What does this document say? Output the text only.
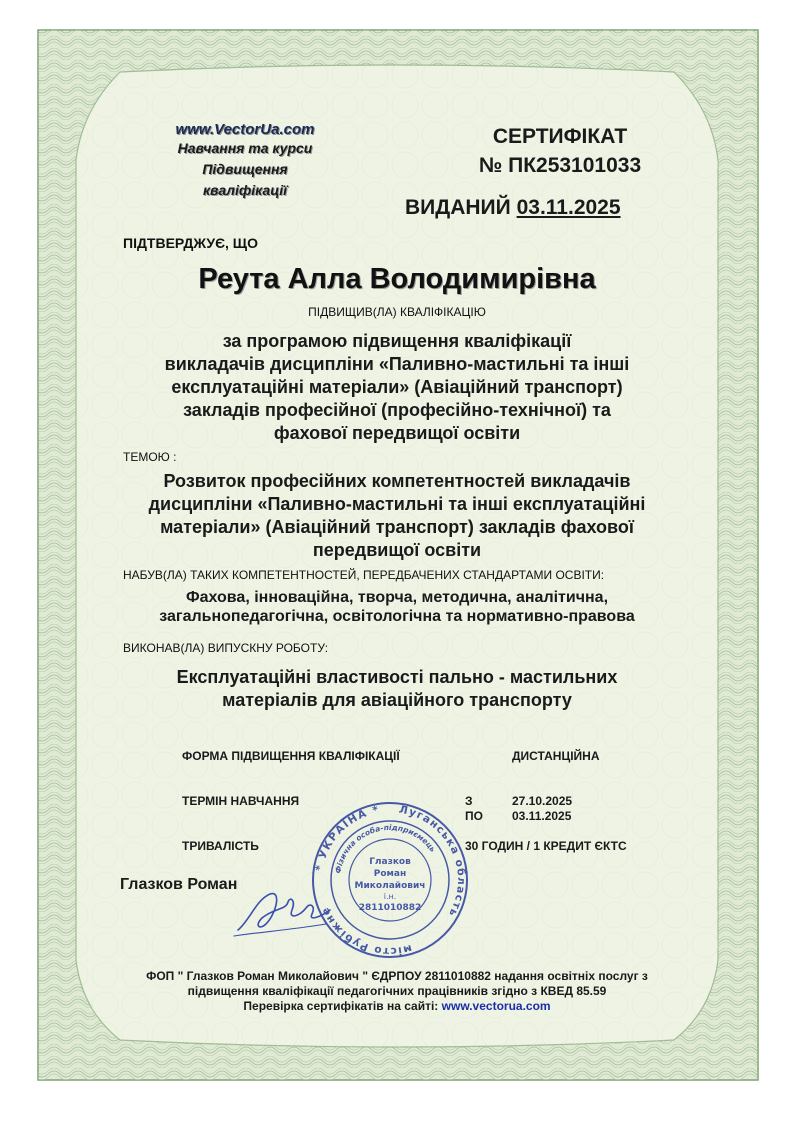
www.VectorUa.com
Навчання та курси
Підвищення
кваліфікації
СЕРТИФІКАТ
№ ПК253101033
ВИДАНИЙ 03.11.2025
ПІДТВЕРДЖУЄ, ЩО
Реута Алла Володимирівна
ПІДВИЩИВ(ЛА) КВАЛІФІКАЦІЮ
за програмою підвищення кваліфікації
викладачів дисципліни «Паливно-мастильні та інші
експлуатаційні матеріали» (Авіаційний транспорт)
закладів професійної (професійно-технічної) та
фахової передвищої освіти
ТЕМОЮ :
Розвиток професійних компетентностей викладачів
дисципліни «Паливно-мастильні та інші експлуатаційні
матеріали» (Авіаційний транспорт) закладів фахової
передвищої освіти
НАБУВ(ЛА) ТАКИХ КОМПЕТЕНТНОСТЕЙ, ПЕРЕДБАЧЕНИХ СТАНДАРТАМИ ОСВІТИ:
Фахова, інноваційна, творча, методична, аналітична,
загальнопедагогічна, освітологічна та нормативно-правова
ВИКОНАВ(ЛА) ВИПУСКНУ РОБОТУ:
Експлуатаційні властивості пально - мастильних
матеріалів для авіаційного транспорту
ФОРМА ПІДВИЩЕННЯ КВАЛІФІКАЦІЇ	ДИСТАНЦІЙНА
ТЕРМІН НАВЧАННЯ	З	27.10.2025
ПО 03.11.2025
ТРИВАЛІСТЬ	30 ГОДИН / 1 КРЕДИТ ЄКТС
* УКРАЇНА * Луганська область
місто Рубіжне
Фізична особа-підприємець
Глазков
Роман
Миколайович
і.н.
2811010882
Глазков Роман
ФОП " Глазков Роман Миколайович " ЄДРПОУ 2811010882 надання освітніх послуг з
підвищення кваліфікації педагогічних працівників згідно з КВЕД 85.59
Перевірка сертифікатів на сайті: www.vectorua.com
